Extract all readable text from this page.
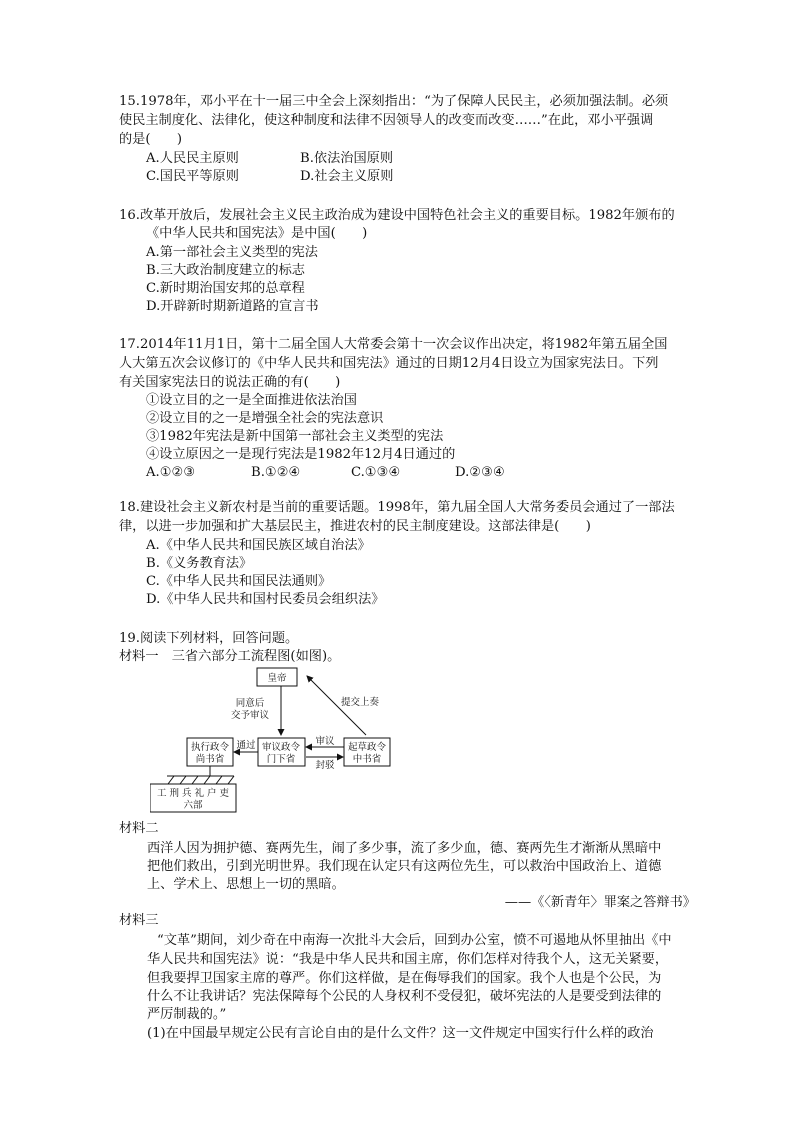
15.1978年，邓小平在十一届三中全会上深刻指出：“为了保障人民民主，必须加强法制。必须
使民主制度化、法律化，使这种制度和法律不因领导人的改变而改变……”在此，邓小平强调
的是(　　)
A.人民民主原则	B.依法治国原则
C.国民平等原则	D.社会主义原则
16.改革开放后，发展社会主义民主政治成为建设中国特色社会主义的重要目标。1982年颁布的
《中华人民共和国宪法》是中国(　　)
A.第一部社会主义类型的宪法
B.三大政治制度建立的标志
C.新时期治国安邦的总章程
D.开辟新时期新道路的宣言书
17.2014年11月1日，第十二届全国人大常委会第十一次会议作出决定，将1982年第五届全国
人大第五次会议修订的《中华人民共和国宪法》通过的日期12月4日设立为国家宪法日。下列
有关国家宪法日的说法正确的有(　　)
①设立目的之一是全面推进依法治国
②设立目的之一是增强全社会的宪法意识
③1982年宪法是新中国第一部社会主义类型的宪法
④设立原因之一是现行宪法是1982年12月4日通过的
A.①②③	B.①②④	C.①③④	D.②③④
18.建设社会主义新农村是当前的重要话题。1998年，第九届全国人大常务委员会通过了一部法
律，以进一步加强和扩大基层民主，推进农村的民主制度建设。这部法律是(　　)
A.《中华人民共和国民族区域自治法》
B.《义务教育法》
C.《中华人民共和国民法通则》
D.《中华人民共和国村民委员会组织法》
19.阅读下列材料，回答问题。
材料一　三省六部分工流程图(如图)。
皇帝
同意后
交予审议
提交上奏
执行政令
尚书省
审议政令
门下省
起草政令
中书省
通过	审议
封驳
工 刑 兵 礼 户 吏
六部
材料二
西洋人因为拥护德、赛两先生，闹了多少事，流了多少血，德、赛两先生才渐渐从黑暗中
把他们救出，引到光明世界。我们现在认定只有这两位先生，可以救治中国政治上、道德
上、学术上、思想上一切的黑暗。
——《〈新青年〉罪案之答辩书》
材料三
“文革”期间，刘少奇在中南海一次批斗大会后，回到办公室，愤不可遏地从怀里抽出《中
华人民共和国宪法》说：“我是中华人民共和国主席，你们怎样对待我个人，这无关紧要，
但我要捍卫国家主席的尊严。你们这样做，是在侮辱我们的国家。我个人也是个公民，为
什么不让我讲话？宪法保障每个公民的人身权利不受侵犯，破坏宪法的人是要受到法律的
严厉制裁的。”
(1)在中国最早规定公民有言论自由的是什么文件？这一文件规定中国实行什么样的政治
